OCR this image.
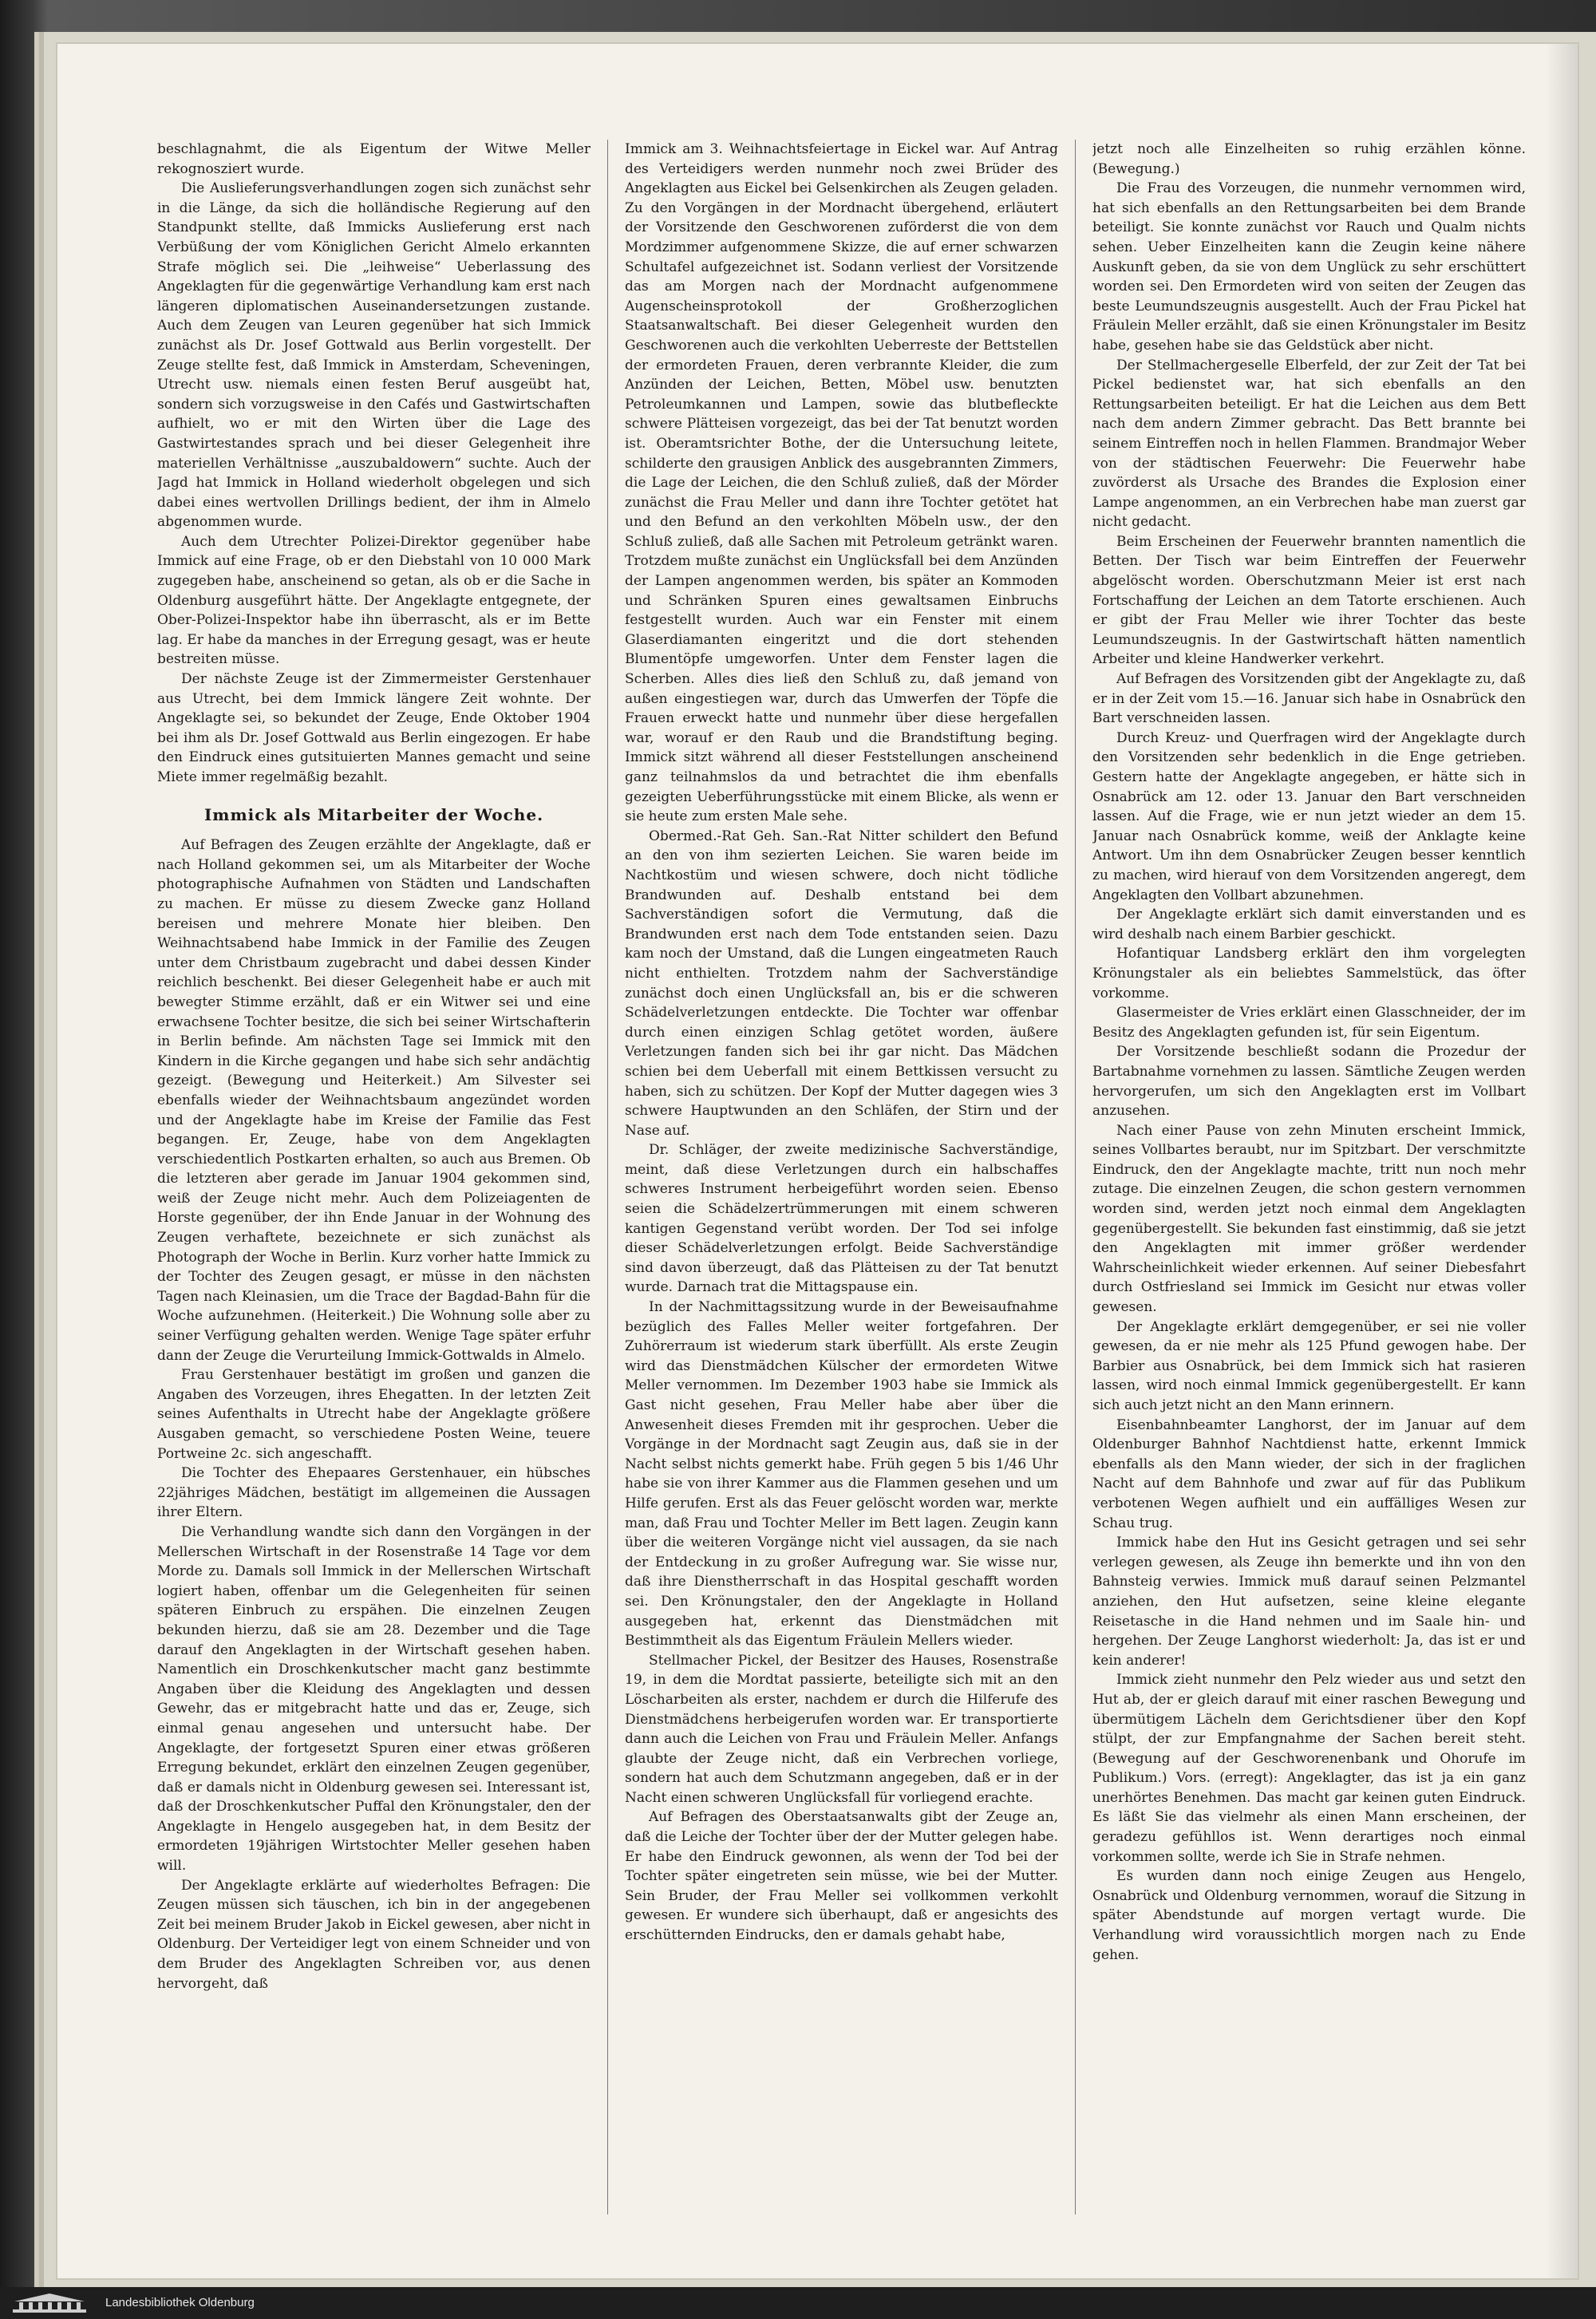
beschlagnahmt, die als Eigentum der Witwe Meller rekognosziert wurde.

Die Auslieferungsverhandlungen zogen sich zunächst sehr in die Länge, da sich die holländische Regierung auf den Standpunkt stellte, daß Immicks Auslieferung erst nach Verbüßung der vom Königlichen Gericht Almelo erkannten Strafe möglich sei. Die „leihweise“ Ueberlassung des Angeklagten für die gegenwärtige Verhandlung kam erst nach längeren diplomatischen Auseinandersetzungen zustande. Auch dem Zeugen van Leuren gegenüber hat sich Immick zunächst als Dr. Josef Gottwald aus Berlin vorgestellt. Der Zeuge stellte fest, daß Immick in Amsterdam, Scheveningen, Utrecht usw. niemals einen festen Beruf ausgeübt hat, sondern sich vorzugsweise in den Cafés und Gastwirtschaften aufhielt, wo er mit den Wirten über die Lage des Gastwirtestandes sprach und bei dieser Gelegenheit ihre materiellen Verhältnisse „auszubaldowern“ suchte. Auch der Jagd hat Immick in Holland wiederholt obgelegen und sich dabei eines wertvollen Drillings bedient, der ihm in Almelo abgenommen wurde.

Auch dem Utrechter Polizei-Direktor gegenüber habe Immick auf eine Frage, ob er den Diebstahl von 10 000 Mark zugegeben habe, anscheinend so getan, als ob er die Sache in Oldenburg ausgeführt hätte. Der Angeklagte entgegnete, der Ober-Polizei-Inspektor habe ihn überrascht, als er im Bette lag. Er habe da manches in der Erregung gesagt, was er heute bestreiten müsse.

Der nächste Zeuge ist der Zimmermeister Gerstenhauer aus Utrecht, bei dem Immick längere Zeit wohnte. Der Angeklagte sei, so bekundet der Zeuge, Ende Oktober 1904 bei ihm als Dr. Josef Gottwald aus Berlin eingezogen. Er habe den Eindruck eines gutsituierten Mannes gemacht und seine Miete immer regelmäßig bezahlt.

Immick als Mitarbeiter der Woche.

Auf Befragen des Zeugen erzählte der Angeklagte, daß er nach Holland gekommen sei, um als Mitarbeiter der Woche photographische Aufnahmen von Städten und Landschaften zu machen. Er müsse zu diesem Zwecke ganz Holland bereisen und mehrere Monate hier bleiben. Den Weihnachtsabend habe Immick in der Familie des Zeugen unter dem Christbaum zugebracht und dabei dessen Kinder reichlich beschenkt. Bei dieser Gelegenheit habe er auch mit bewegter Stimme erzählt, daß er ein Witwer sei und eine erwachsene Tochter besitze, die sich bei seiner Wirtschafterin in Berlin befinde. Am nächsten Tage sei Immick mit den Kindern in die Kirche gegangen und habe sich sehr andächtig gezeigt. (Bewegung und Heiterkeit.) Am Silvester sei ebenfalls wieder der Weihnachtsbaum angezündet worden und der Angeklagte habe im Kreise der Familie das Fest begangen. Er, Zeuge, habe von dem Angeklagten verschiedentlich Postkarten erhalten, so auch aus Bremen. Ob die letzteren aber gerade im Januar 1904 gekommen sind, weiß der Zeuge nicht mehr. Auch dem Polizeiagenten de Horste gegenüber, der ihn Ende Januar in der Wohnung des Zeugen verhaftete, bezeichnete er sich zunächst als Photograph der Woche in Berlin. Kurz vorher hatte Immick zu der Tochter des Zeugen gesagt, er müsse in den nächsten Tagen nach Kleinasien, um die Trace der Bagdad-Bahn für die Woche aufzunehmen. (Heiterkeit.) Die Wohnung solle aber zu seiner Verfügung gehalten werden. Wenige Tage später erfuhr dann der Zeuge die Verurteilung Immick-Gottwalds in Almelo.

Frau Gerstenhauer bestätigt im großen und ganzen die Angaben des Vorzeugen, ihres Ehegatten. In der letzten Zeit seines Aufenthalts in Utrecht habe der Angeklagte größere Ausgaben gemacht, so verschiedene Posten Weine, teuere Portweine 2c. sich angeschafft.

Die Tochter des Ehepaares Gerstenhauer, ein hübsches 22jähriges Mädchen, bestätigt im allgemeinen die Aussagen ihrer Eltern.

Die Verhandlung wandte sich dann den Vorgängen in der Mellerschen Wirtschaft in der Rosenstraße 14 Tage vor dem Morde zu. Damals soll Immick in der Mellerschen Wirtschaft logiert haben, offenbar um die Gelegenheiten für seinen späteren Einbruch zu erspähen. Die einzelnen Zeugen bekunden hierzu, daß sie am 28. Dezember und die Tage darauf den Angeklagten in der Wirtschaft gesehen haben. Namentlich ein Droschkenkutscher macht ganz bestimmte Angaben über die Kleidung des Angeklagten und dessen Gewehr, das er mitgebracht hatte und das er, Zeuge, sich einmal genau angesehen und untersucht habe. Der Angeklagte, der fortgesetzt Spuren einer etwas größeren Erregung bekundet, erklärt den einzelnen Zeugen gegenüber, daß er damals nicht in Oldenburg gewesen sei. Interessant ist, daß der Droschkenkutscher Puffal den Krönungstaler, den der Angeklagte in Hengelo ausgegeben hat, in dem Besitz der ermordeten 19jährigen Wirtstochter Meller gesehen haben will.

Der Angeklagte erklärte auf wiederholtes Befragen: Die Zeugen müssen sich täuschen, ich bin in der angegebenen Zeit bei meinem Bruder Jakob in Eickel gewesen, aber nicht in Oldenburg. Der Verteidiger legt von einem Schneider und von dem Bruder des Angeklagten Schreiben vor, aus denen hervorgeht, daß

Immick am 3. Weihnachtsfeiertage in Eickel war. Auf Antrag des Verteidigers werden nunmehr noch zwei Brüder des Angeklagten aus Eickel bei Gelsenkirchen als Zeugen geladen. Zu den Vorgängen in der Mordnacht übergehend, erläutert der Vorsitzende den Geschworenen zuförderst die von dem Mordzimmer aufgenommene Skizze, die auf erner schwarzen Schultafel aufgezeichnet ist. Sodann verliest der Vorsitzende das am Morgen nach der Mordnacht aufgenommene Augenscheinsprotokoll der Großherzoglichen Staatsanwaltschaft. Bei dieser Gelegenheit wurden den Geschworenen auch die verkohlten Ueberreste der Bettstellen der ermordeten Frauen, deren verbrannte Kleider, die zum Anzünden der Leichen, Betten, Möbel usw. benutzten Petroleumkannen und Lampen, sowie das blutbefleckte schwere Plätteisen vorgezeigt, das bei der Tat benutzt worden ist. Oberamtsrichter Bothe, der die Untersuchung leitete, schilderte den grausigen Anblick des ausgebrannten Zimmers, die Lage der Leichen, die den Schluß zuließ, daß der Mörder zunächst die Frau Meller und dann ihre Tochter getötet hat und den Befund an den verkohlten Möbeln usw., der den Schluß zuließ, daß alle Sachen mit Petroleum getränkt waren. Trotzdem mußte zunächst ein Unglücksfall bei dem Anzünden der Lampen angenommen werden, bis später an Kommoden und Schränken Spuren eines gewaltsamen Einbruchs festgestellt wurden. Auch war ein Fenster mit einem Glaserdiamanten eingeritzt und die dort stehenden Blumentöpfe umgeworfen. Unter dem Fenster lagen die Scherben. Alles dies ließ den Schluß zu, daß jemand von außen eingestiegen war, durch das Umwerfen der Töpfe die Frauen erweckt hatte und nunmehr über diese hergefallen war, worauf er den Raub und die Brandstiftung beging. Immick sitzt während all dieser Feststellungen anscheinend ganz teilnahmslos da und betrachtet die ihm ebenfalls gezeigten Ueberführungsstücke mit einem Blicke, als wenn er sie heute zum ersten Male sehe.

Obermed.-Rat Geh. San.-Rat Nitter schildert den Befund an den von ihm sezierten Leichen. Sie waren beide im Nachtkostüm und wiesen schwere, doch nicht tödliche Brandwunden auf. Deshalb entstand bei dem Sachverständigen sofort die Vermutung, daß die Brandwunden erst nach dem Tode entstanden seien. Dazu kam noch der Umstand, daß die Lungen eingeatmeten Rauch nicht enthielten. Trotzdem nahm der Sachverständige zunächst doch einen Unglücksfall an, bis er die schweren Schädelverletzungen entdeckte. Die Tochter war offenbar durch einen einzigen Schlag getötet worden, äußere Verletzungen fanden sich bei ihr gar nicht. Das Mädchen schien bei dem Ueberfall mit einem Bettkissen versucht zu haben, sich zu schützen. Der Kopf der Mutter dagegen wies 3 schwere Hauptwunden an den Schläfen, der Stirn und der Nase auf.

Dr. Schläger, der zweite medizinische Sachverständige, meint, daß diese Verletzungen durch ein halbschaffes schweres Instrument herbeigeführt worden seien. Ebenso seien die Schädelzertrümmerungen mit einem schweren kantigen Gegenstand verübt worden. Der Tod sei infolge dieser Schädelverletzungen erfolgt. Beide Sachverständige sind davon überzeugt, daß das Plätteisen zu der Tat benutzt wurde. Darnach trat die Mittagspause ein.

In der Nachmittagssitzung wurde in der Beweisaufnahme bezüglich des Falles Meller weiter fortgefahren. Der Zuhörerraum ist wiederum stark überfüllt. Als erste Zeugin wird das Dienstmädchen Külscher der ermordeten Witwe Meller vernommen. Im Dezember 1903 habe sie Immick als Gast nicht gesehen, Frau Meller habe aber über die Anwesenheit dieses Fremden mit ihr gesprochen. Ueber die Vorgänge in der Mordnacht sagt Zeugin aus, daß sie in der Nacht selbst nichts gemerkt habe. Früh gegen 5 bis 1/46 Uhr habe sie von ihrer Kammer aus die Flammen gesehen und um Hilfe gerufen. Erst als das Feuer gelöscht worden war, merkte man, daß Frau und Tochter Meller im Bett lagen. Zeugin kann über die weiteren Vorgänge nicht viel aussagen, da sie nach der Entdeckung in zu großer Aufregung war. Sie wisse nur, daß ihre Dienstherrschaft in das Hospital geschafft worden sei. Den Krönungstaler, den der Angeklagte in Holland ausgegeben hat, erkennt das Dienstmädchen mit Bestimmtheit als das Eigentum Fräulein Mellers wieder.

Stellmacher Pickel, der Besitzer des Hauses, Rosenstraße 19, in dem die Mordtat passierte, beteiligte sich mit an den Löscharbeiten als erster, nachdem er durch die Hilferufe des Dienstmädchens herbeigerufen worden war. Er transportierte dann auch die Leichen von Frau und Fräulein Meller. Anfangs glaubte der Zeuge nicht, daß ein Verbrechen vorliege, sondern hat auch dem Schutzmann angegeben, daß er in der Nacht einen schweren Unglücksfall für vorliegend erachte.

Auf Befragen des Oberstaatsanwalts gibt der Zeuge an, daß die Leiche der Tochter über der der Mutter gelegen habe. Er habe den Eindruck gewonnen, als wenn der Tod bei der Tochter später eingetreten sein müsse, wie bei der Mutter. Sein Bruder, der Frau Meller sei vollkommen verkohlt gewesen. Er wundere sich überhaupt, daß er angesichts des erschütternden Eindrucks, den er damals gehabt habe,

jetzt noch alle Einzelheiten so ruhig erzählen könne. (Bewegung.)

Die Frau des Vorzeugen, die nunmehr vernommen wird, hat sich ebenfalls an den Rettungsarbeiten bei dem Brande beteiligt. Sie konnte zunächst vor Rauch und Qualm nichts sehen. Ueber Einzelheiten kann die Zeugin keine nähere Auskunft geben, da sie von dem Unglück zu sehr erschüttert worden sei. Den Ermordeten wird von seiten der Zeugen das beste Leumundszeugnis ausgestellt. Auch der Frau Pickel hat Fräulein Meller erzählt, daß sie einen Krönungstaler im Besitz habe, gesehen habe sie das Geldstück aber nicht.

Der Stellmachergeselle Elberfeld, der zur Zeit der Tat bei Pickel bedienstet war, hat sich ebenfalls an den Rettungsarbeiten beteiligt. Er hat die Leichen aus dem Bett nach dem andern Zimmer gebracht. Das Bett brannte bei seinem Eintreffen noch in hellen Flammen. Brandmajor Weber von der städtischen Feuerwehr: Die Feuerwehr habe zuvörderst als Ursache des Brandes die Explosion einer Lampe angenommen, an ein Verbrechen habe man zuerst gar nicht gedacht.

Beim Erscheinen der Feuerwehr brannten namentlich die Betten. Der Tisch war beim Eintreffen der Feuerwehr abgelöscht worden. Oberschutzmann Meier ist erst nach Fortschaffung der Leichen an dem Tatorte erschienen. Auch er gibt der Frau Meller wie ihrer Tochter das beste Leumundszeugnis. In der Gastwirtschaft hätten namentlich Arbeiter und kleine Handwerker verkehrt.

Auf Befragen des Vorsitzenden gibt der Angeklagte zu, daß er in der Zeit vom 15.—16. Januar sich habe in Osnabrück den Bart verschneiden lassen.

Durch Kreuz- und Querfragen wird der Angeklagte durch den Vorsitzenden sehr bedenklich in die Enge getrieben. Gestern hatte der Angeklagte angegeben, er hätte sich in Osnabrück am 12. oder 13. Januar den Bart verschneiden lassen. Auf die Frage, wie er nun jetzt wieder an dem 15. Januar nach Osnabrück komme, weiß der Anklagte keine Antwort. Um ihn dem Osnabrücker Zeugen besser kenntlich zu machen, wird hierauf von dem Vorsitzenden angeregt, dem Angeklagten den Vollbart abzunehmen.

Der Angeklagte erklärt sich damit einverstanden und es wird deshalb nach einem Barbier geschickt.

Hofantiquar Landsberg erklärt den ihm vorgelegten Krönungstaler als ein beliebtes Sammelstück, das öfter vorkomme.

Glasermeister de Vries erklärt einen Glasschneider, der im Besitz des Angeklagten gefunden ist, für sein Eigentum.

Der Vorsitzende beschließt sodann die Prozedur der Bartabnahme vornehmen zu lassen. Sämtliche Zeugen werden hervorgerufen, um sich den Angeklagten erst im Vollbart anzusehen.

Nach einer Pause von zehn Minuten erscheint Immick, seines Vollbartes beraubt, nur im Spitzbart. Der verschmitzte Eindruck, den der Angeklagte machte, tritt nun noch mehr zutage. Die einzelnen Zeugen, die schon gestern vernommen worden sind, werden jetzt noch einmal dem Angeklagten gegenübergestellt. Sie bekunden fast einstimmig, daß sie jetzt den Angeklagten mit immer größer werdender Wahrscheinlichkeit wieder erkennen. Auf seiner Diebesfahrt durch Ostfriesland sei Immick im Gesicht nur etwas voller gewesen.

Der Angeklagte erklärt demgegenüber, er sei nie voller gewesen, da er nie mehr als 125 Pfund gewogen habe. Der Barbier aus Osnabrück, bei dem Immick sich hat rasieren lassen, wird noch einmal Immick gegenübergestellt. Er kann sich auch jetzt nicht an den Mann erinnern.

Eisenbahnbeamter Langhorst, der im Januar auf dem Oldenburger Bahnhof Nachtdienst hatte, erkennt Immick ebenfalls als den Mann wieder, der sich in der fraglichen Nacht auf dem Bahnhofe und zwar auf für das Publikum verbotenen Wegen aufhielt und ein auffälliges Wesen zur Schau trug.

Immick habe den Hut ins Gesicht getragen und sei sehr verlegen gewesen, als Zeuge ihn bemerkte und ihn von den Bahnsteig verwies. Immick muß darauf seinen Pelzmantel anziehen, den Hut aufsetzen, seine kleine elegante Reisetasche in die Hand nehmen und im Saale hin- und hergehen. Der Zeuge Langhorst wiederholt: Ja, das ist er und kein anderer!

Immick zieht nunmehr den Pelz wieder aus und setzt den Hut ab, der er gleich darauf mit einer raschen Bewegung und übermütigem Lächeln dem Gerichtsdiener über den Kopf stülpt, der zur Empfangnahme der Sachen bereit steht. (Bewegung auf der Geschworenenbank und Ohorufe im Publikum.) Vors. (erregt): Angeklagter, das ist ja ein ganz unerhörtes Benehmen. Das macht gar keinen guten Eindruck. Es läßt Sie das vielmehr als einen Mann erscheinen, der geradezu gefühllos ist. Wenn derartiges noch einmal vorkommen sollte, werde ich Sie in Strafe nehmen.

Es wurden dann noch einige Zeugen aus Hengelo, Osnabrück und Oldenburg vernommen, worauf die Sitzung in später Abendstunde auf morgen vertagt wurde. Die Verhandlung wird voraussichtlich morgen nach zu Ende gehen.

Landesbibliothek Oldenburg
